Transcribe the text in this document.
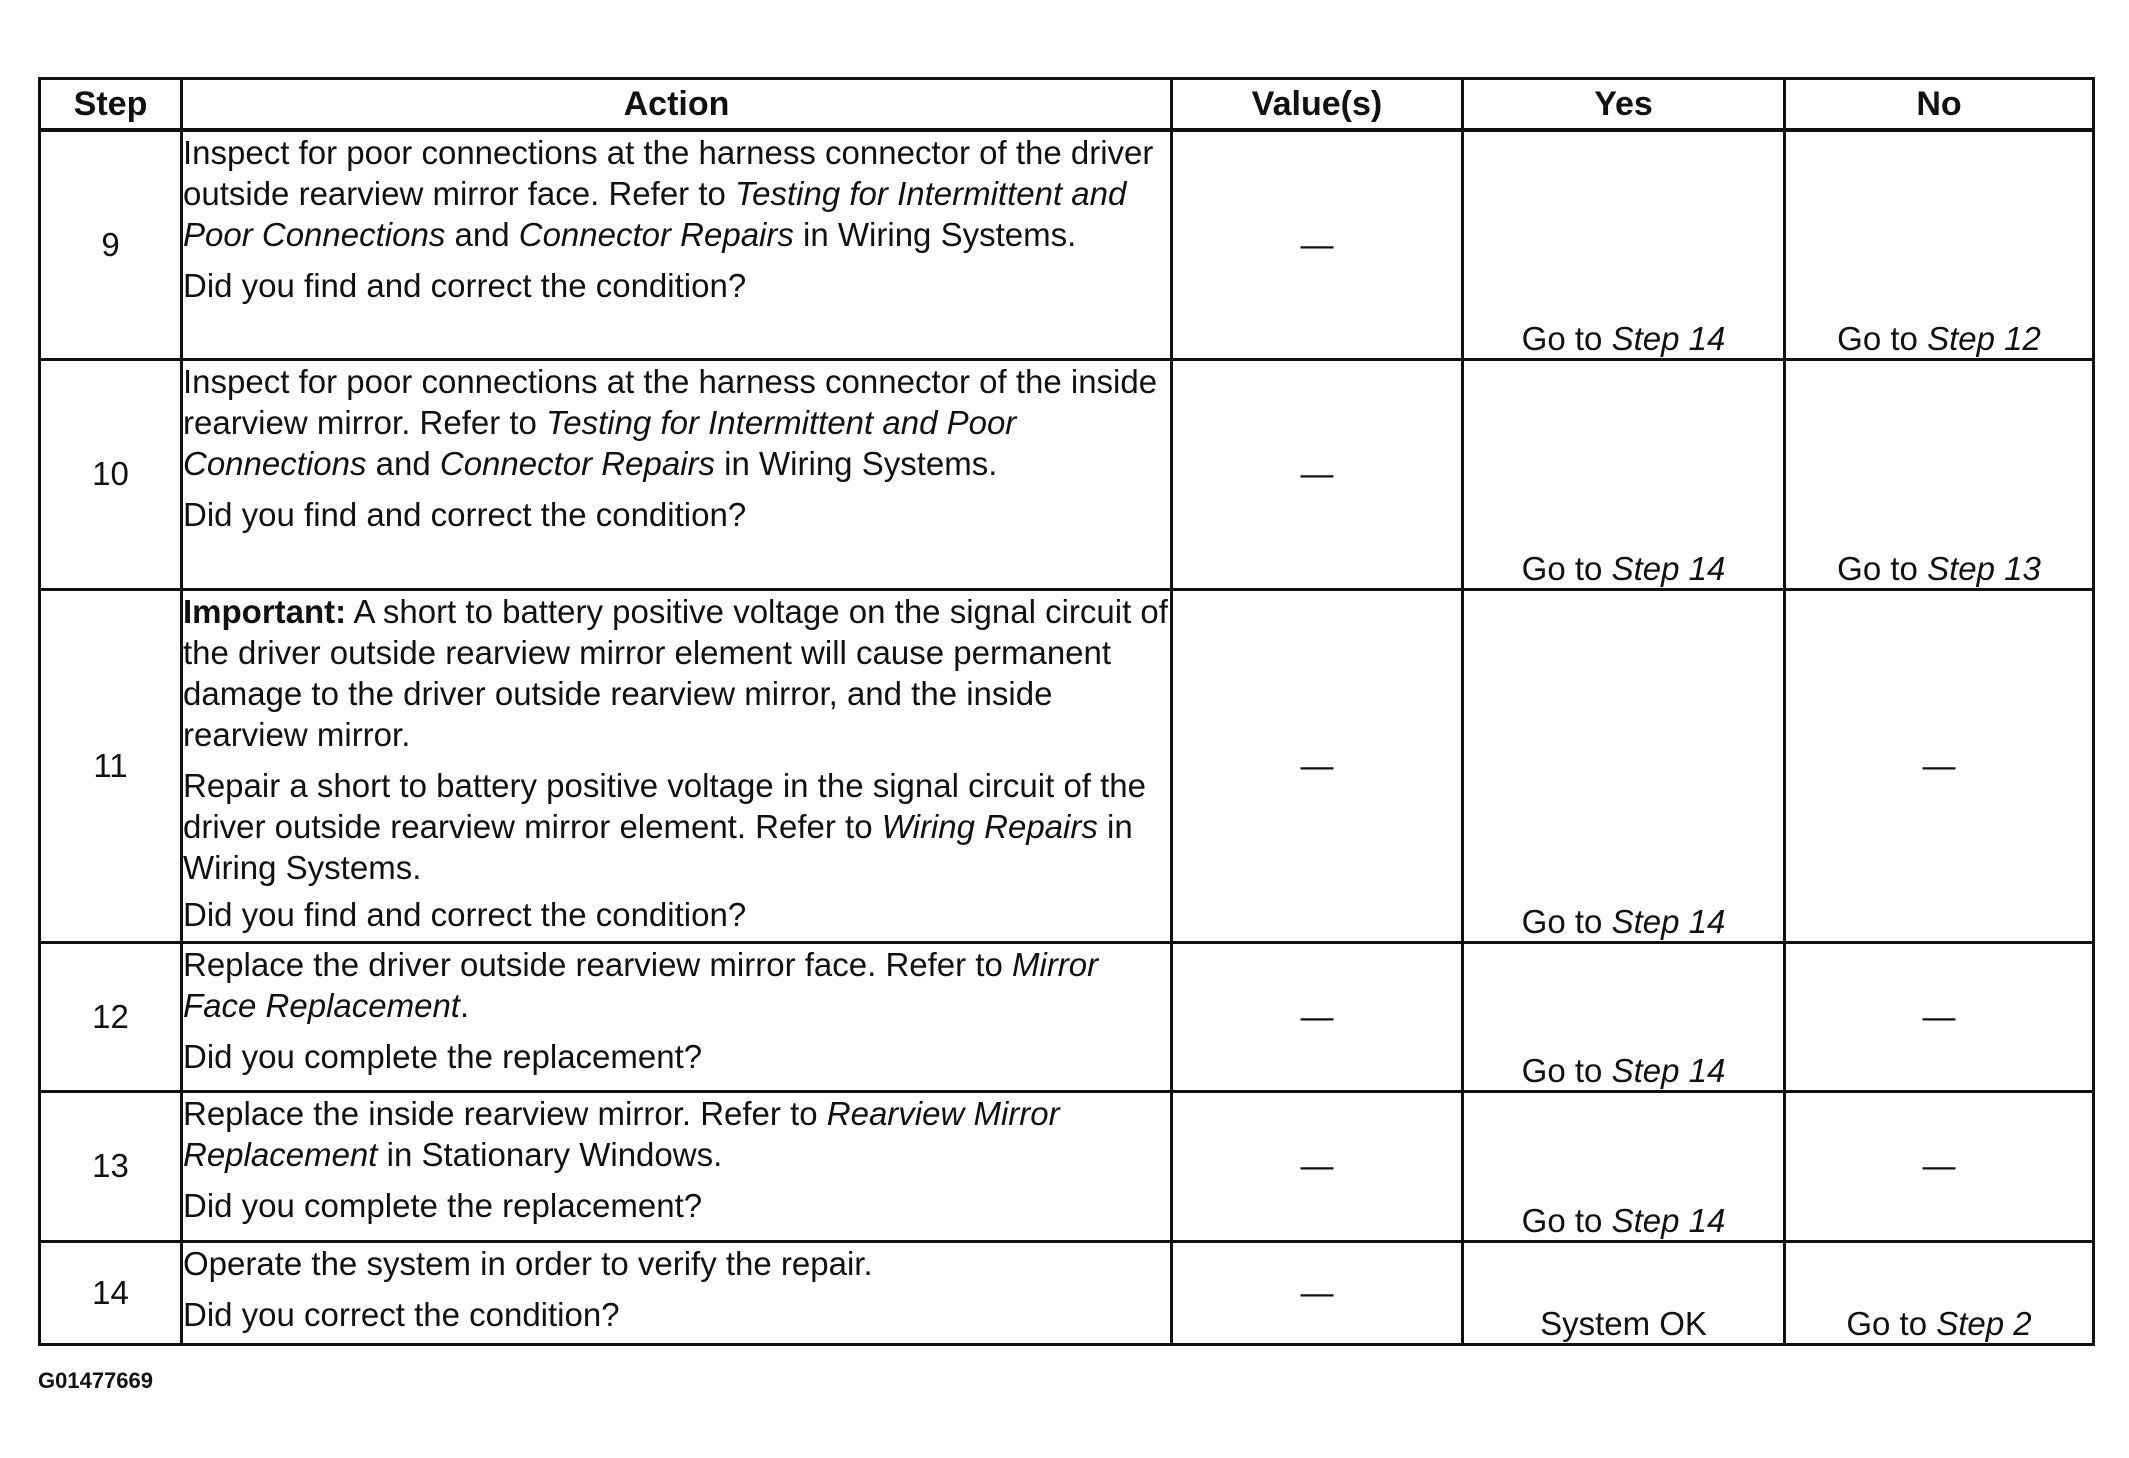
Step	Action	Value(s)	Yes	No
9	Inspect for poor connections at the harness connector of the driver outside rearview mirror face. Refer to Testing for Intermittent and Poor Connections and Connector Repairs in Wiring Systems.

Did you find and correct the condition?	—	Go to Step 14	Go to Step 12
10	Inspect for poor connections at the harness connector of the inside rearview mirror. Refer to Testing for Intermittent and Poor Connections and Connector Repairs in Wiring Systems.

Did you find and correct the condition?	—	Go to Step 14	Go to Step 13
11	Important: A short to battery positive voltage on the signal circuit of the driver outside rearview mirror element will cause permanent damage to the driver outside rearview mirror, and the inside rearview mirror.

Repair a short to battery positive voltage in the signal circuit of the driver outside rearview mirror element. Refer to Wiring Repairs in Wiring Systems.

Did you find and correct the condition?	—	Go to Step 14	—
12	Replace the driver outside rearview mirror face. Refer to Mirror Face Replacement.

Did you complete the replacement?	—	Go to Step 14	—
13	Replace the inside rearview mirror. Refer to Rearview Mirror Replacement in Stationary Windows.

Did you complete the replacement?	—	Go to Step 14	—
14	Operate the system in order to verify the repair.

Did you correct the condition?	—	System OK	Go to Step 2
G01477669
